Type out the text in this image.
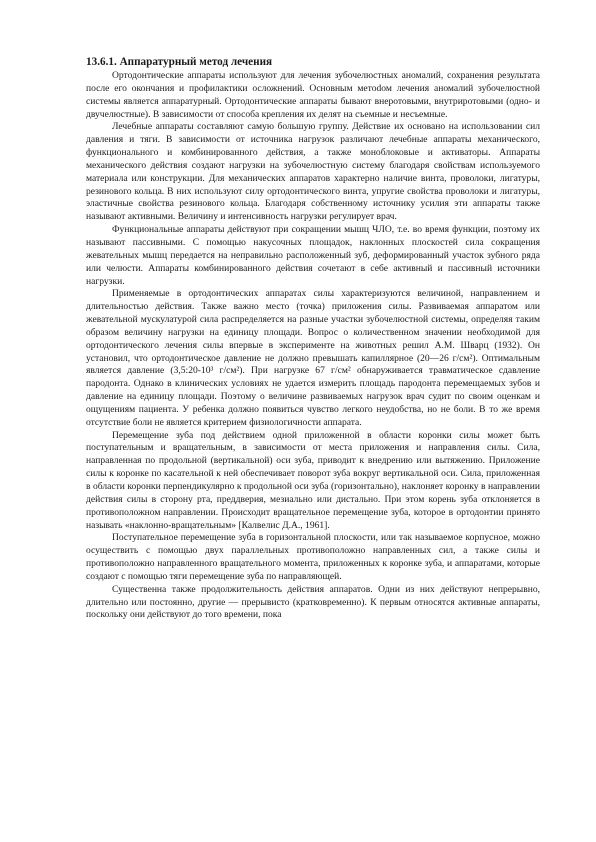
13.6.1. Аппаратурный метод лечения

Ортодонтические аппараты используют для лечения зубочелюстных аномалий, сохранения результата после его окончания и профилактики осложнений. Основным метоdом лечения аномалий зубочелюстной системы является аппаратурный. Ортодонтические аппараты бывают внеротовыми, внутриротовыми (одно- и двучелюстные). В зависимости от способа крепления их делят на съемные и несъемные.

Лечебные аппараты составляют самую большую группу. Действие их основано на использовании сил давления и тяги. В зависимости от источника нагрузок различают лечебные аппараты механического, функционального и комбинированного действия, а также моноблоковые и активаторы. Аппараты механического действия создают нагрузки на зубочелюстную систему благодаря свойствам используемого материала или конструкции. Для механических аппаратов характерно наличие винта, проволоки, лигатуры, резинового кольца. В них используют силу ортодонтического винта, упругие свойства проволоки и лигатуры, эластичные свойства резинового кольца. Благодаря собственному источнику усилия эти аппараты также называют активными. Величину и интенсивность нагрузки регулирует врач.

Функциональные аппараты действуют при сокращении мышц ЧЛО, т.е. во время функции, поэтому их называют пассивными. С помощью накусочных площадок, наклонных плоскостей сила сокращения жевательных мышц передается на неправильно расположенный зуб, деформированный участок зубного ряда или челюсти. Аппараты комбинированного действия сочетают в себе активный и пассивный источники нагрузки.

Применяемые в ортодонтических аппаратах силы характеризуются величиной, направлением и длительностью действия. Также важно место (точка) приложения силы. Развиваемая аппаратом или жевательной мускулатурой сила распределяется на разные участки зубочелюстной системы, определяя таким образом величину нагрузки на единицу площади. Вопрос о количественном значении необходимой для ортодонтического лечения силы впервые в эксперименте на животных решил А.М. Шварц (1932). Он установил, что ортодонтическое давление не должно превышать капиллярное (20—26 г/см²). Оптимальным является давление (3,5:20-10³ г/см²). При нагрузке 67 г/см² обнаруживается травматическое сдавление пародонта. Однако в клинических условиях не удается измерить площадь пародонта перемещаемых зубов и давление на единицу площади. Поэтому о величине развиваемых нагрузок врач судит по своим оценкам и ощущениям пациента. У ребенка должно появиться чувство легкого неудобства, но не боли. В то же время отсутствие боли не является критерием физиологичности аппарата.

Перемещение зуба под действием одной приложенной в области коронки силы может быть поступательным и вращательным, в зависимости от места приложения и направления силы. Сила, направленная по продольной (вертикальной) оси зуба, приводит к внедрению или вытяжению. Приложение силы к коронке по касательной к ней обеспечивает поворот зуба вокруг вертикальной оси. Сила, приложенная в области коронки перпендикулярно к продольной оси зуба (горизонтально), наклоняет коронку в направлении действия силы в сторону рта, преддверия, мезиально или дистально. При этом корень зуба отклоняется в противоположном направлении. Происходит вращательное перемещение зуба, которое в ортодонтии принято называть «наклонно-вращательным» [Калвелис Д.А., 1961].

Поступательное перемещение зуба в горизонтальной плоскости, или так называемое корпусное, можно осуществить с помощью двух параллельных противоположно направленных сил, а также силы и противоположно направленного вращательного момента, приложенных к коронке зуба, и аппаратами, которые создают с помощью тяги перемещение зуба по направляющей.

Существенна также продолжительность действия аппаратов. Одни из них действуют непрерывно, длительно или постоянно, другие — прерывисто (кратковременно). К первым относятся активные аппараты, поскольку они действуют до того времени, пока
